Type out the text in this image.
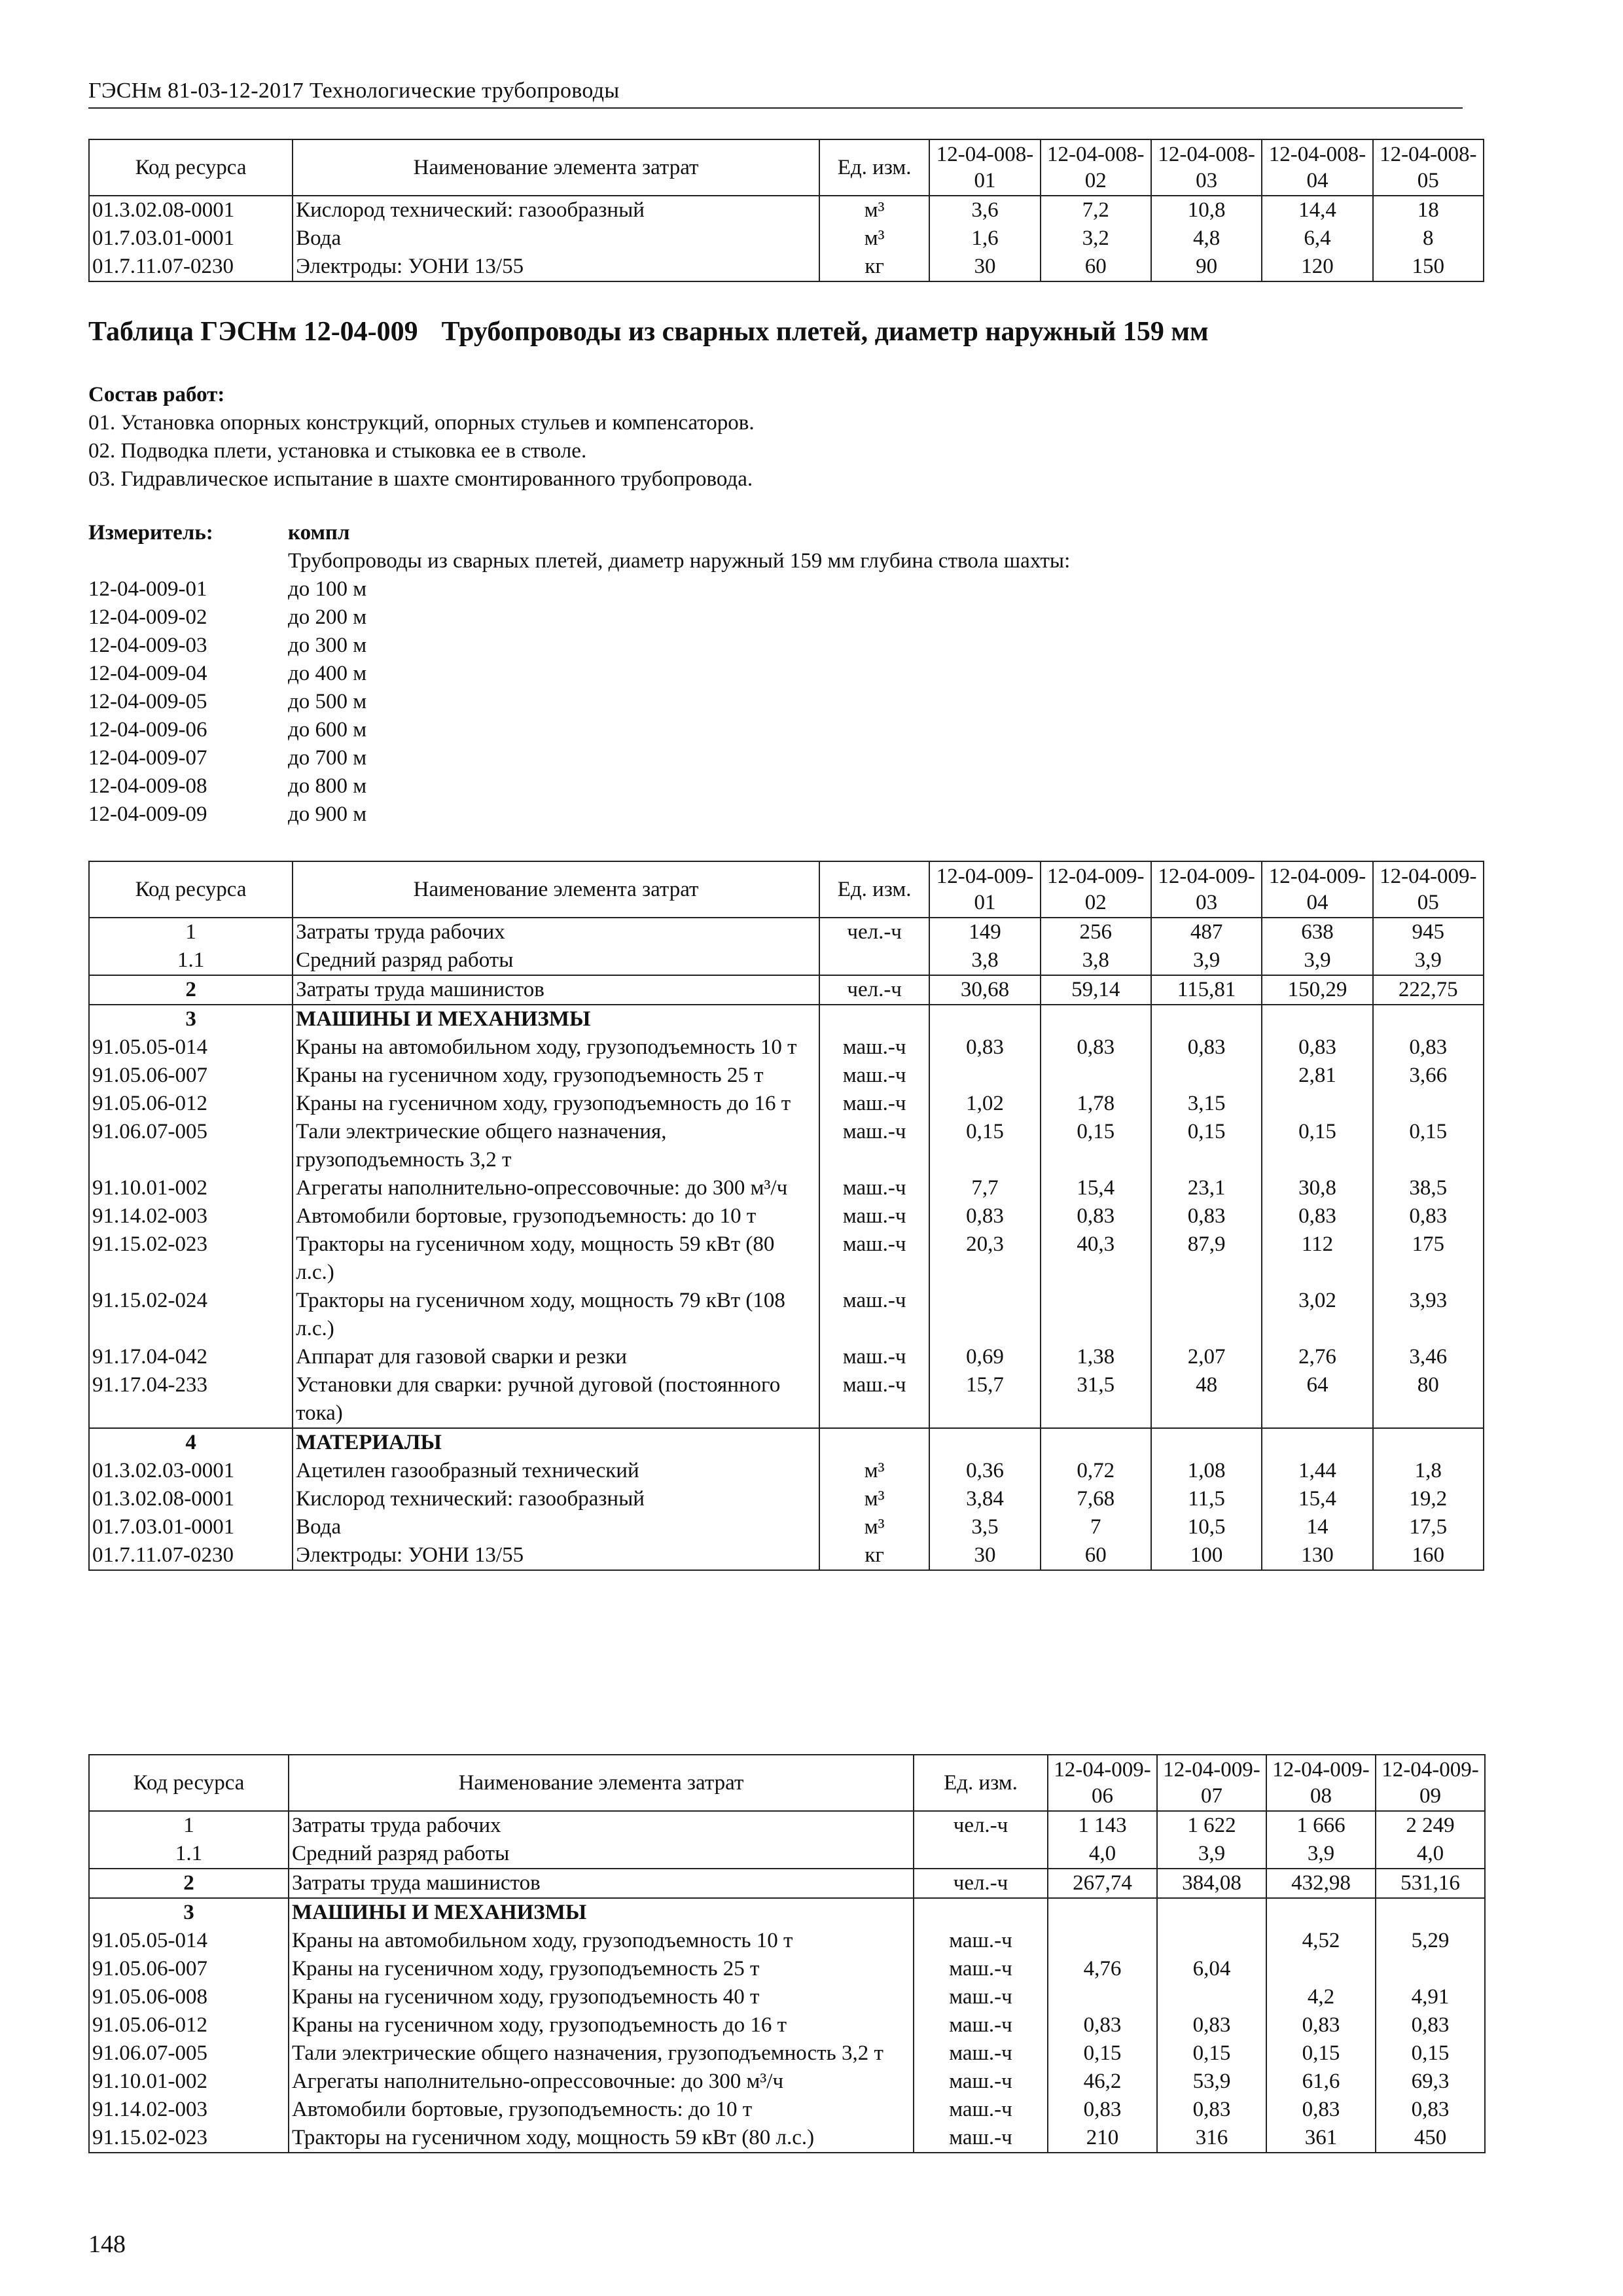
ГЭСНм 81-03-12-2017 Технологические трубопроводы
Код ресурса	Наименование элемента затрат	Ед. изм.	12-04-008-01	12-04-008-02	12-04-008-03	12-04-008-04	12-04-008-05
01.3.02.08-0001	Кислород технический: газообразный	м³	3,6	7,2	10,8	14,4	18
01.7.03.01-0001	Вода	м³	1,6	3,2	4,8	6,4	8
01.7.11.07-0230	Электроды: УОНИ 13/55	кг	30	60	90	120	150
Таблица ГЭСНм 12-04-009 Трубопроводы из сварных плетей, диаметр наружный 159 мм
Состав работ:
01. Установка опорных конструкций, опорных стульев и компенсаторов.
02. Подводка плети, установка и стыковка ее в стволе.
03. Гидравлическое испытание в шахте смонтированного трубопровода.
Измеритель:	компл
Трубопроводы из сварных плетей, диаметр наружный 159 мм глубина ствола шахты:
12-04-009-01	до 100 м
12-04-009-02	до 200 м
12-04-009-03	до 300 м
12-04-009-04	до 400 м
12-04-009-05	до 500 м
12-04-009-06	до 600 м
12-04-009-07	до 700 м
12-04-009-08	до 800 м
12-04-009-09	до 900 м
Код ресурса	Наименование элемента затрат	Ед. изм.	12-04-009-01	12-04-009-02	12-04-009-03	12-04-009-04	12-04-009-05
1	Затраты труда рабочих	чел.-ч	149	256	487	638	945
1.1	Средний разряд работы		3,8	3,8	3,9	3,9	3,9
2	Затраты труда машинистов	чел.-ч	30,68	59,14	115,81	150,29	222,75
3	МАШИНЫ И МЕХАНИЗМЫ						
91.05.05-014	Краны на автомобильном ходу, грузоподъемность 10 т	маш.-ч	0,83	0,83	0,83	0,83	0,83
91.05.06-007	Краны на гусеничном ходу, грузоподъемность 25 т	маш.-ч				2,81	3,66
91.05.06-012	Краны на гусеничном ходу, грузоподъемность до 16 т	маш.-ч	1,02	1,78	3,15		
91.06.07-005	Тали электрические общего назначения, грузоподъемность 3,2 т	маш.-ч	0,15	0,15	0,15	0,15	0,15
91.10.01-002	Агрегаты наполнительно-опрессовочные: до 300 м³/ч	маш.-ч	7,7	15,4	23,1	30,8	38,5
91.14.02-003	Автомобили бортовые, грузоподъемность: до 10 т	маш.-ч	0,83	0,83	0,83	0,83	0,83
91.15.02-023	Тракторы на гусеничном ходу, мощность 59 кВт (80 л.с.)	маш.-ч	20,3	40,3	87,9	112	175
91.15.02-024	Тракторы на гусеничном ходу, мощность 79 кВт (108 л.с.)	маш.-ч				3,02	3,93
91.17.04-042	Аппарат для газовой сварки и резки	маш.-ч	0,69	1,38	2,07	2,76	3,46
91.17.04-233	Установки для сварки: ручной дуговой (постоянного тока)	маш.-ч	15,7	31,5	48	64	80
4	МАТЕРИАЛЫ						
01.3.02.03-0001	Ацетилен газообразный технический	м³	0,36	0,72	1,08	1,44	1,8
01.3.02.08-0001	Кислород технический: газообразный	м³	3,84	7,68	11,5	15,4	19,2
01.7.03.01-0001	Вода	м³	3,5	7	10,5	14	17,5
01.7.11.07-0230	Электроды: УОНИ 13/55	кг	30	60	100	130	160
Код ресурса	Наименование элемента затрат	Ед. изм.	12-04-009-06	12-04-009-07	12-04-009-08	12-04-009-09
1	Затраты труда рабочих	чел.-ч	1 143	1 622	1 666	2 249
1.1	Средний разряд работы		4,0	3,9	3,9	4,0
2	Затраты труда машинистов	чел.-ч	267,74	384,08	432,98	531,16
3	МАШИНЫ И МЕХАНИЗМЫ					
91.05.05-014	Краны на автомобильном ходу, грузоподъемность 10 т	маш.-ч			4,52	5,29
91.05.06-007	Краны на гусеничном ходу, грузоподъемность 25 т	маш.-ч	4,76	6,04		
91.05.06-008	Краны на гусеничном ходу, грузоподъемность 40 т	маш.-ч			4,2	4,91
91.05.06-012	Краны на гусеничном ходу, грузоподъемность до 16 т	маш.-ч	0,83	0,83	0,83	0,83
91.06.07-005	Тали электрические общего назначения, грузоподъемность 3,2 т	маш.-ч	0,15	0,15	0,15	0,15
91.10.01-002	Агрегаты наполнительно-опрессовочные: до 300 м³/ч	маш.-ч	46,2	53,9	61,6	69,3
91.14.02-003	Автомобили бортовые, грузоподъемность: до 10 т	маш.-ч	0,83	0,83	0,83	0,83
91.15.02-023	Тракторы на гусеничном ходу, мощность 59 кВт (80 л.с.)	маш.-ч	210	316	361	450
148
